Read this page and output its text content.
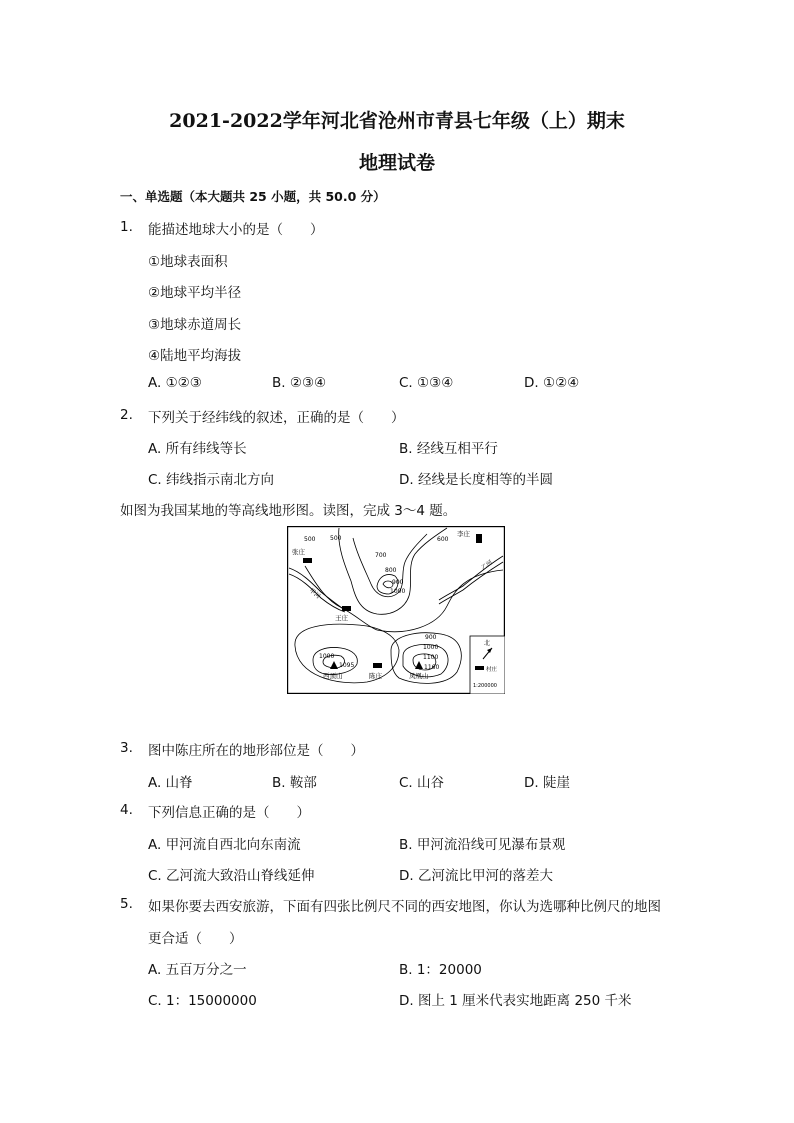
2021-2022学年河北省沧州市青县七年级（上）期末
地理试卷
一、单选题（本大题共 25 小题，共 50.0 分）
1.	能描述地球大小的是（　　）
①地球表面积
②地球平均半径
③地球赤道周长
④陆地平均海拔
A. ①②③	B. ②③④	C. ①③④	D. ①②④
2.	下列关于经纬线的叙述，正确的是（　　）
A. 所有纬线等长	B. 经线互相平行
C. 纬线指示南北方向	D. 经线是长度相等的半圆
如图为我国某地的等高线地形图。读图，完成 3～4 题。
北
村庄
1:200000
500 500
700
800
600
900
1000
900
1000
1100
1000
张庄
李庄
王庄
陈庄
甲河
乙河
凤凰山
1160
西顶山
1095
3.	图中陈庄所在的地形部位是（　　）
A. 山脊	B. 鞍部	C. 山谷	D. 陡崖
4.	下列信息正确的是（　　）
A. 甲河流自西北向东南流	B. 甲河流沿线可见瀑布景观
C. 乙河流大致沿山脊线延伸	D. 乙河流比甲河的落差大
5.	如果你要去西安旅游，下面有四张比例尺不同的西安地图，你认为选哪种比例尺的地图
更合适（　　）
A. 五百万分之一	B. 1：20000
C. 1：15000000	D. 图上 1 厘米代表实地距离 250 千米
